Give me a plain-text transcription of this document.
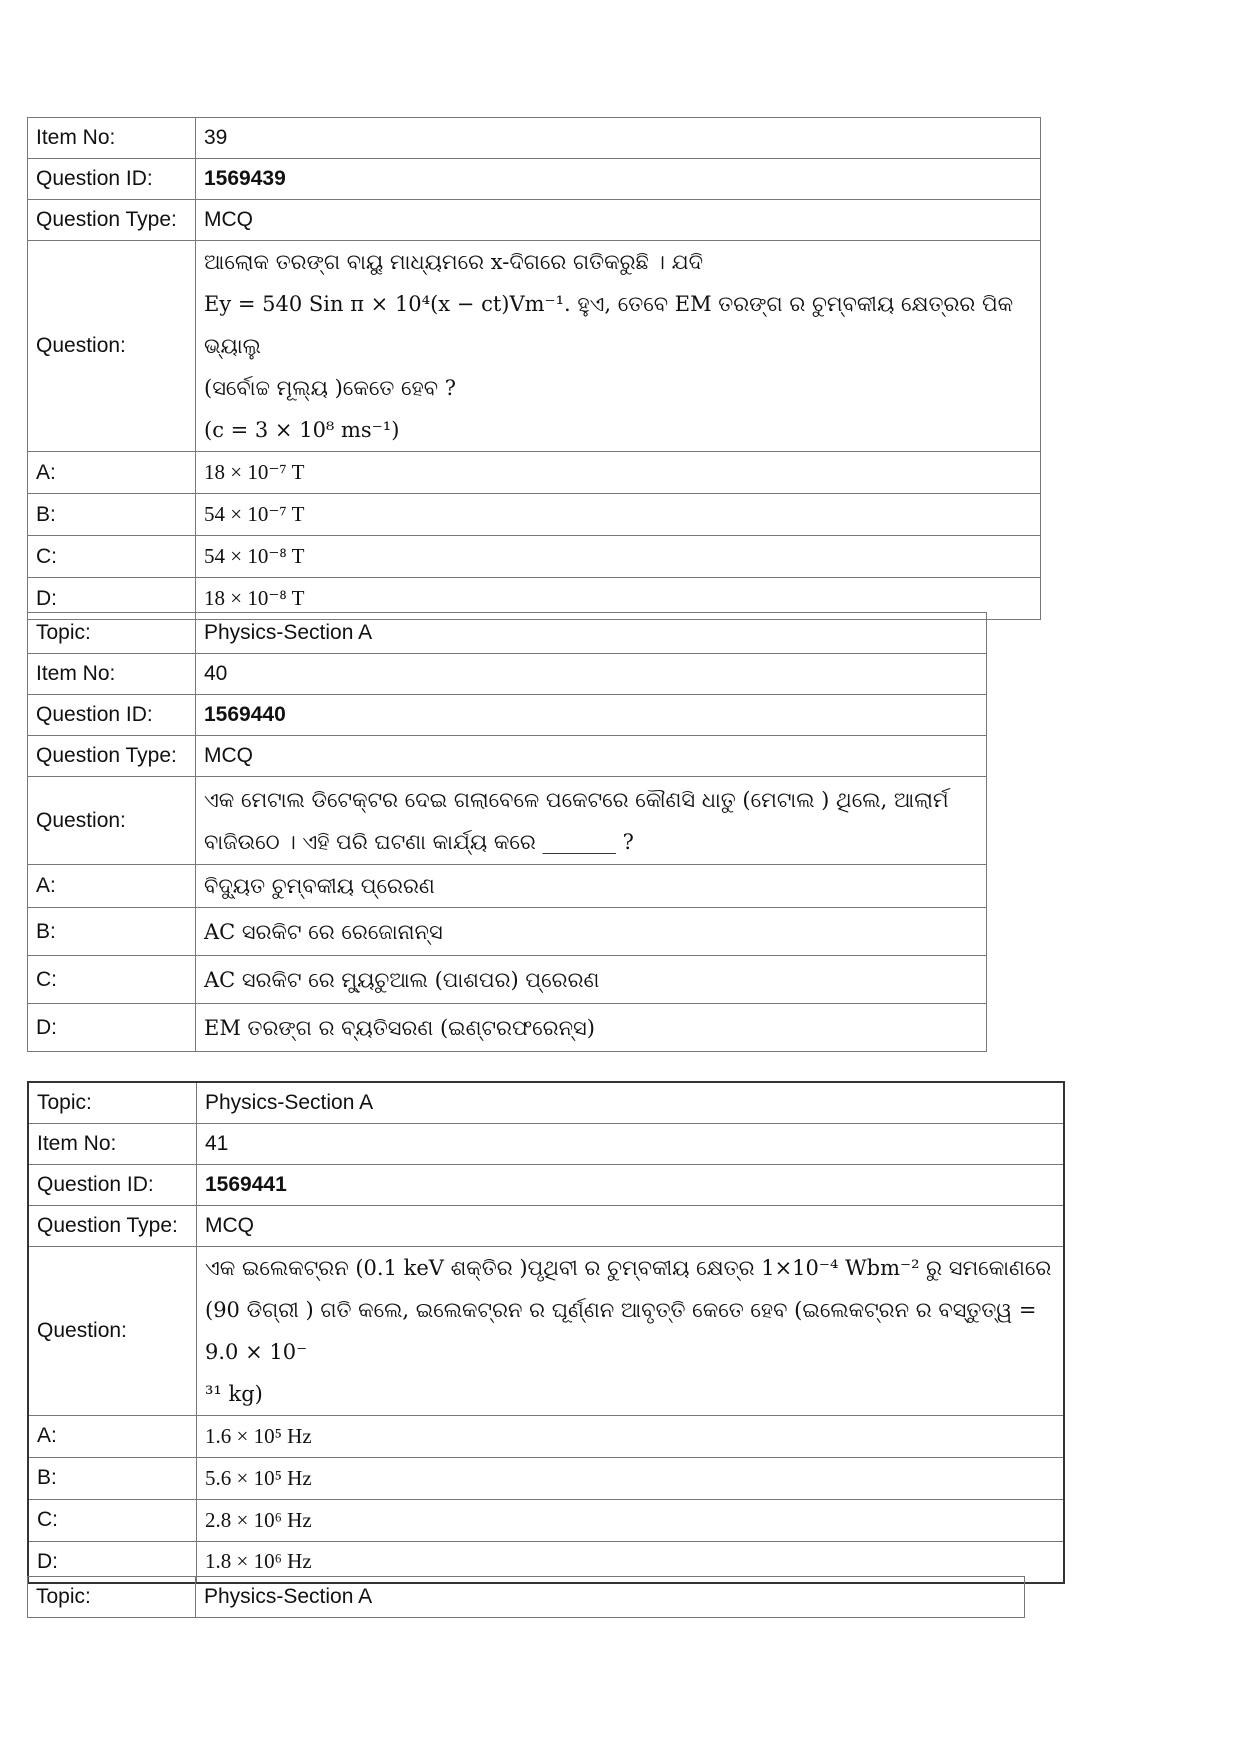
Item No:	39
Question ID:	1569439
Question Type:	MCQ
Question:	ଆଲୋକ ତରଙ୍ଗ ବାୟୁ ମାଧ୍ୟମରେ x-ଦିଗରେ ଗତିକରୁଛି । ଯଦି
Ey = 540 Sin π × 10⁴(x − ct)Vm⁻¹. ହୁଏ, ତେବେ EM ତରଙ୍ଗ ର ଚୁମ୍ବକୀୟ କ୍ଷେତ୍ରର ପିକ ଭ୍ୟାଲୁ
(ସର୍ବୋଚ୍ଚ ମୂଲ୍ୟ )କେତେ ହେବ ?
(c = 3 × 10⁸ ms⁻¹)

A:	18 × 10⁻⁷ T
B:	54 × 10⁻⁷ T
C:	54 × 10⁻⁸ T
D:	18 × 10⁻⁸ T
Topic:	Physics-Section A
Item No:	40
Question ID:	1569440
Question Type:	MCQ
Question:	ଏକ ମେଟାଲ ଡିଟେକ୍ଟର ଦେଇ ଗଲାବେଳେ ପକେଟରେ କୌଣସି ଧାତୁ (ମେଟାଲ ) ଥିଲେ, ଆଲାର୍ମ
ବାଜିଉଠେ । ଏହି ପରି ଘଟଣା କାର୍ଯ୍ୟ କରେ _______ ?

A:	ବିଦ୍ୟୁତ ଚୁମ୍ବକୀୟ ପ୍ରେରଣ
B:	AC ସରକିଟ ରେ ରେଜୋନାନ୍ସ
C:	AC ସରକିଟ ରେ ମ୍ୟୁଚୁଆଲ (ପାଶପର) ପ୍ରେରଣ
D:	EM ତରଙ୍ଗ ର ବ୍ୟତିସରଣ (ଇଣ୍ଟରଫରେନ୍ସ)
Topic:	Physics-Section A
Item No:	41
Question ID:	1569441
Question Type:	MCQ
Question:	ଏକ ଇଲେକଟ୍ରନ (0.1 keV ଶକ୍ତିର )ପୃଥିବୀ ର ଚୁମ୍ବକୀୟ କ୍ଷେତ୍ର 1×10⁻⁴ Wbm⁻² ରୁ ସମକୋଣରେ
(90 ଡିଗ୍ରୀ ) ଗତି କଲେ, ଇଲେକଟ୍ରନ ର ଘୂର୍ଣ୍ଣନ ଆବୃତ୍ତି କେତେ ହେବ (ଇଲେକଟ୍ରନ ର ବସ୍ତୁତ୍ୱ = 9.0 × 10⁻
³¹ kg)

A:	1.6 × 10⁵ Hz
B:	5.6 × 10⁵ Hz
C:	2.8 × 10⁶ Hz
D:	1.8 × 10⁶ Hz
Topic:	Physics-Section A
